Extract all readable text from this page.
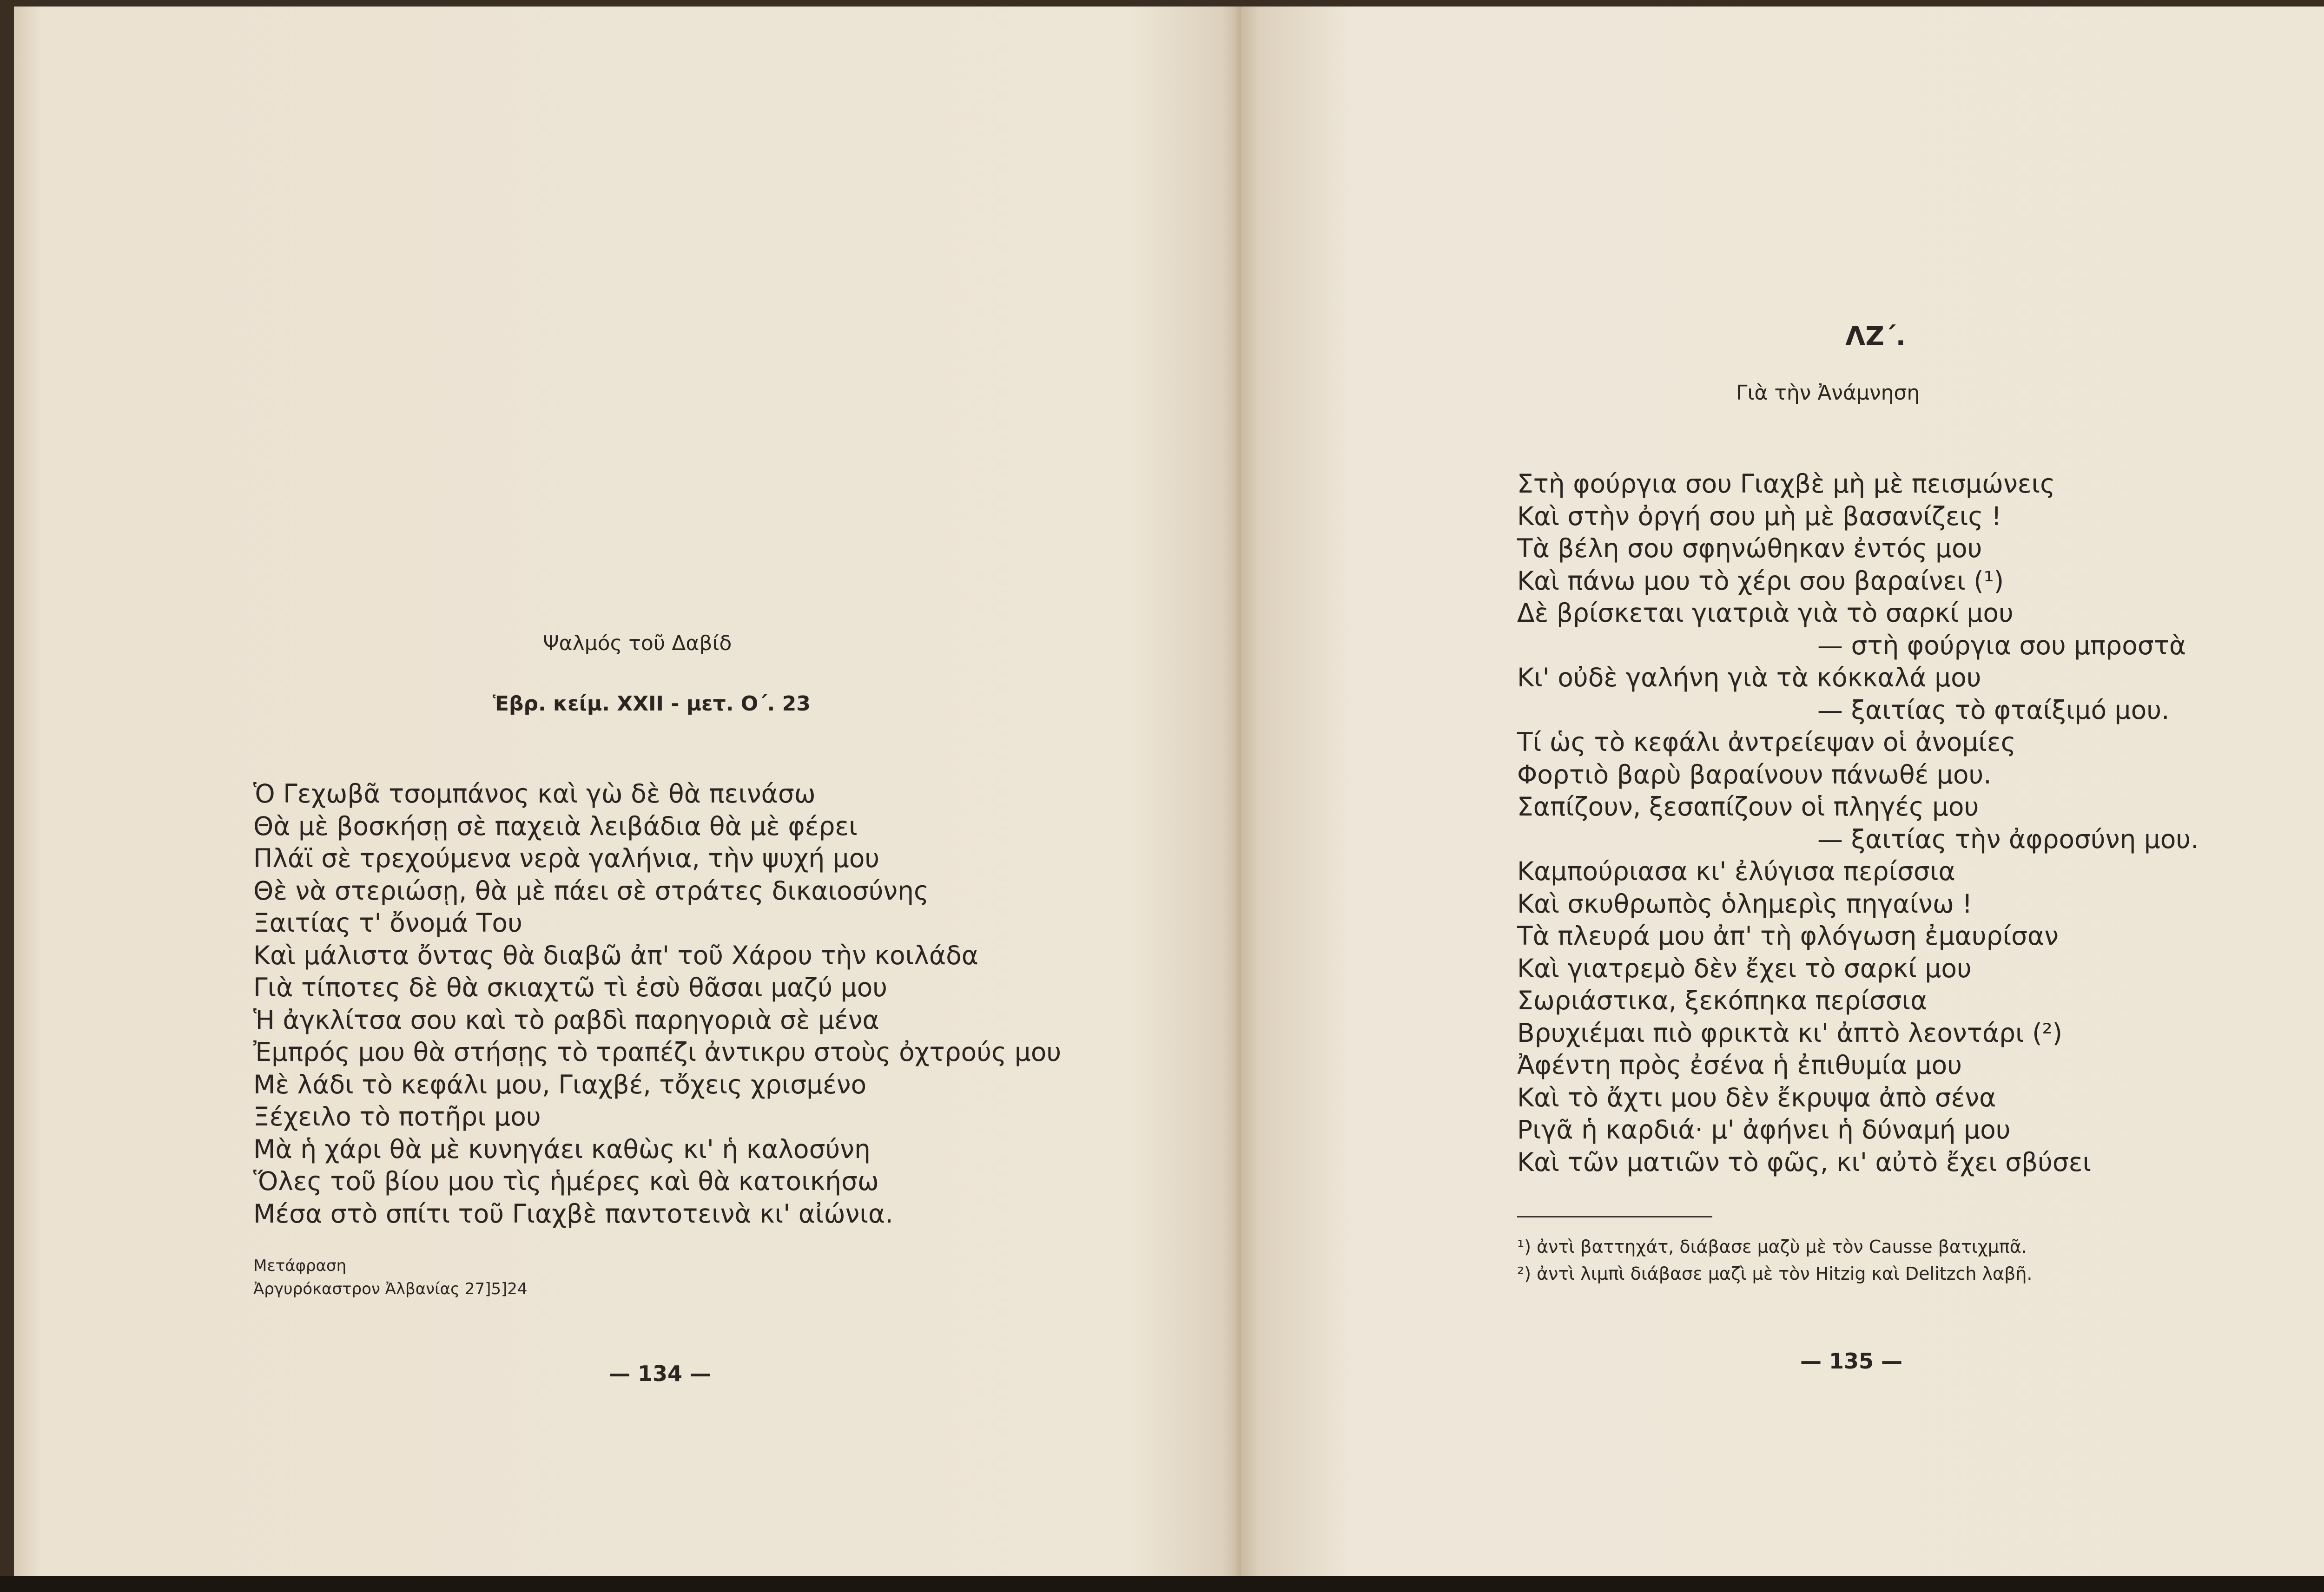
Ψαλμός τοῦ Δαβίδ

Ἑβρ. κείμ. XXII - μετ. Ο΄. 23

Ὁ Γεχωβᾶ τσομπάνος καὶ γὼ δὲ θὰ πεινάσω

Θὰ μὲ βοσκήσῃ σὲ παχειὰ λειβάδια θὰ μὲ φέρει

Πλάϊ σὲ τρεχούμενα νερὰ γαλήνια, τὴν ψυχή μου

Θὲ νὰ στεριώσῃ, θὰ μὲ πάει σὲ στράτες δικαιοσύνης

Ξαιτίας τ' ὄνομά Του

Καὶ μάλιστα ὄντας θὰ διαβῶ ἀπ' τοῦ Χάρου τὴν κοιλάδα

Γιὰ τίποτες δὲ θὰ σκιαχτῶ τὶ ἐσὺ θᾶσαι μαζύ μου

Ἡ ἀγκλίτσα σου καὶ τὸ ραβδὶ παρηγοριὰ σὲ μένα

Ἐμπρός μου θὰ στήσῃς τὸ τραπέζι ἀντικρυ στοὺς ὀχτρούς μου

Μὲ λάδι τὸ κεφάλι μου, Γιαχβέ, τὄχεις χρισμένο

Ξέχειλο τὸ ποτῆρι μου

Μὰ ἡ χάρι θὰ μὲ κυνηγάει καθὼς κι' ἡ καλοσύνη

Ὅλες τοῦ βίου μου τὶς ἡμέρες καὶ θὰ κατοικήσω

Μέσα στὸ σπίτι τοῦ Γιαχβὲ παντοτεινὰ κι' αἰώνια.

Μετάφραση

Ἀργυρόκαστρον Ἀλβανίας 27]5]24

— 134 —

ΛΖ΄.

Γιὰ τὴν Ἀνάμνηση

Στὴ φούργια σου Γιαχβὲ μὴ μὲ πεισμώνεις

Καὶ στὴν ὀργή σου μὴ μὲ βασανίζεις !

Τὰ βέλη σου σφηνώθηκαν ἐντός μου

Καὶ πάνω μου τὸ χέρι σου βαραίνει (¹)

Δὲ βρίσκεται γιατριὰ γιὰ τὸ σαρκί μου

— στὴ φούργια σου μπροστὰ

Κι' οὐδὲ γαλήνη γιὰ τὰ κόκκαλά μου

— ξαιτίας τὸ φταίξιμό μου.

Τί ὡς τὸ κεφάλι ἀντρείεψαν οἱ ἀνομίες

Φορτιὸ βαρὺ βαραίνουν πάνωθέ μου.

Σαπίζουν, ξεσαπίζουν οἱ πληγές μου

— ξαιτίας τὴν ἀφροσύνη μου.

Καμπούριασα κι' ἐλύγισα περίσσια

Καὶ σκυθρωπὸς ὁλημερὶς πηγαίνω !

Τὰ πλευρά μου ἀπ' τὴ φλόγωση ἐμαυρίσαν

Καὶ γιατρεμὸ δὲν ἔχει τὸ σαρκί μου

Σωριάστικα, ξεκόπηκα περίσσια

Βρυχιέμαι πιὸ φρικτὰ κι' ἀπτὸ λεοντάρι (²)

Ἀφέντη πρὸς ἐσένα ἡ ἐπιθυμία μου

Καὶ τὸ ἄχτι μου δὲν ἔκρυψα ἀπὸ σένα

Ριγᾶ ἡ καρδιά· μ' ἀφήνει ἡ δύναμή μου

Καὶ τῶν ματιῶν τὸ φῶς, κι' αὐτὸ ἔχει σβύσει

¹) ἀντὶ βαττηχάτ, διάβασε μαζὺ μὲ τὸν Causse βατιχμπᾶ.

²) ἀντὶ λιμπὶ διάβασε μαζὶ μὲ τὸν Hitzig καὶ Delitzch λαβῆ.

— 135 —
